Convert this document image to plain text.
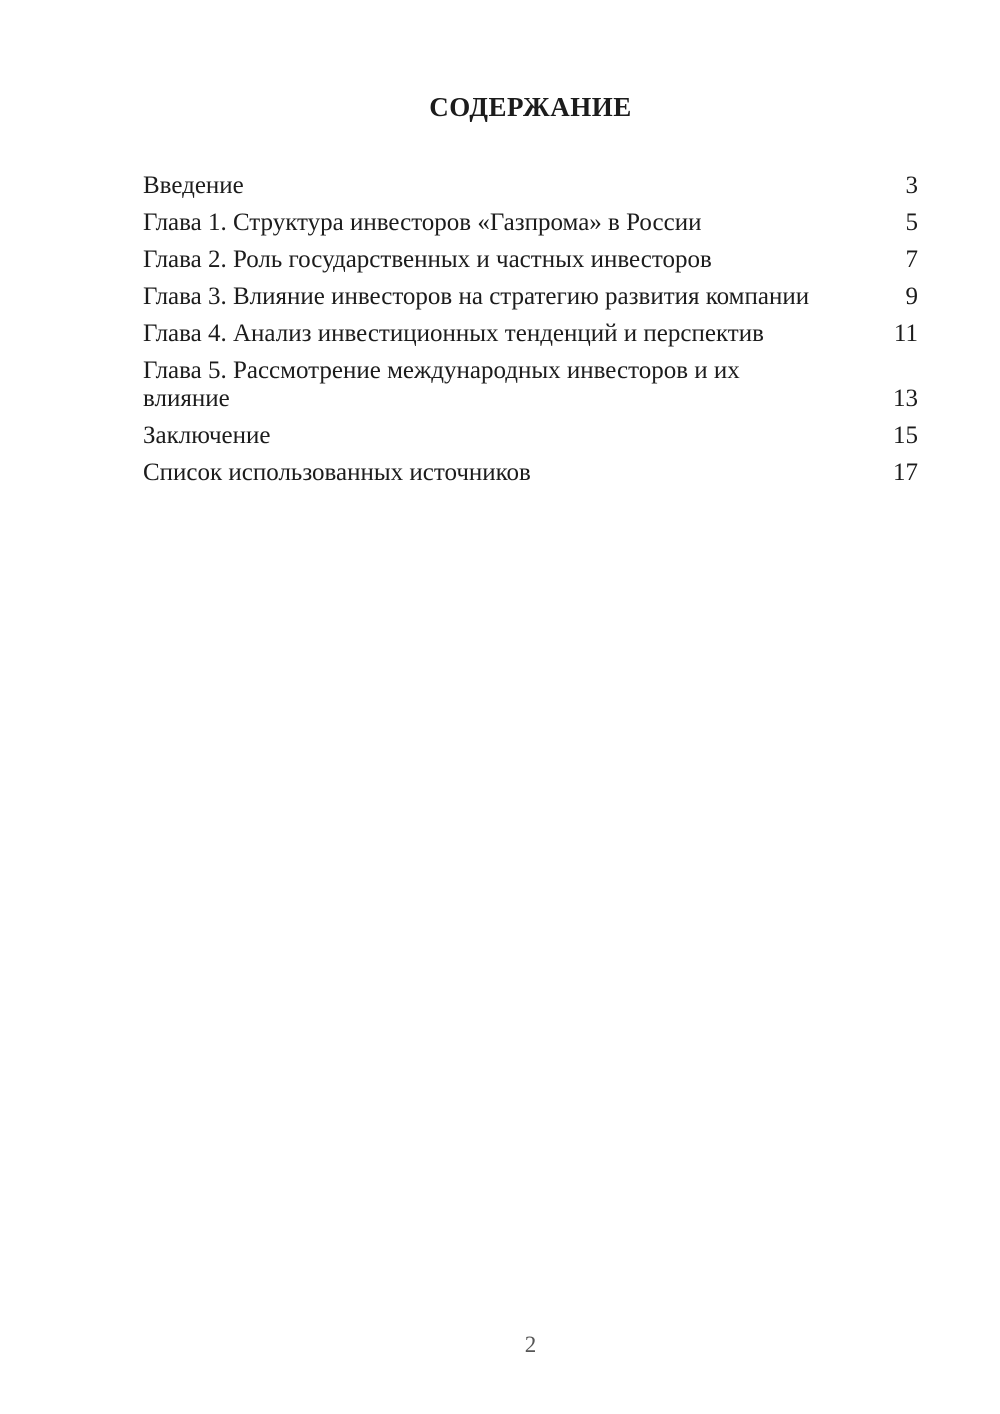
СОДЕРЖАНИЕ
Введение	3
Глава 1. Структура инвесторов «Газпрома» в России	5
Глава 2. Роль государственных и частных инвесторов	7
Глава 3. Влияние инвесторов на стратегию развития компании	9
Глава 4. Анализ инвестиционных тенденций и перспектив	11
Глава 5. Рассмотрение международных инвесторов и их
влияние	13
Заключение	15
Список использованных источников	17
2
